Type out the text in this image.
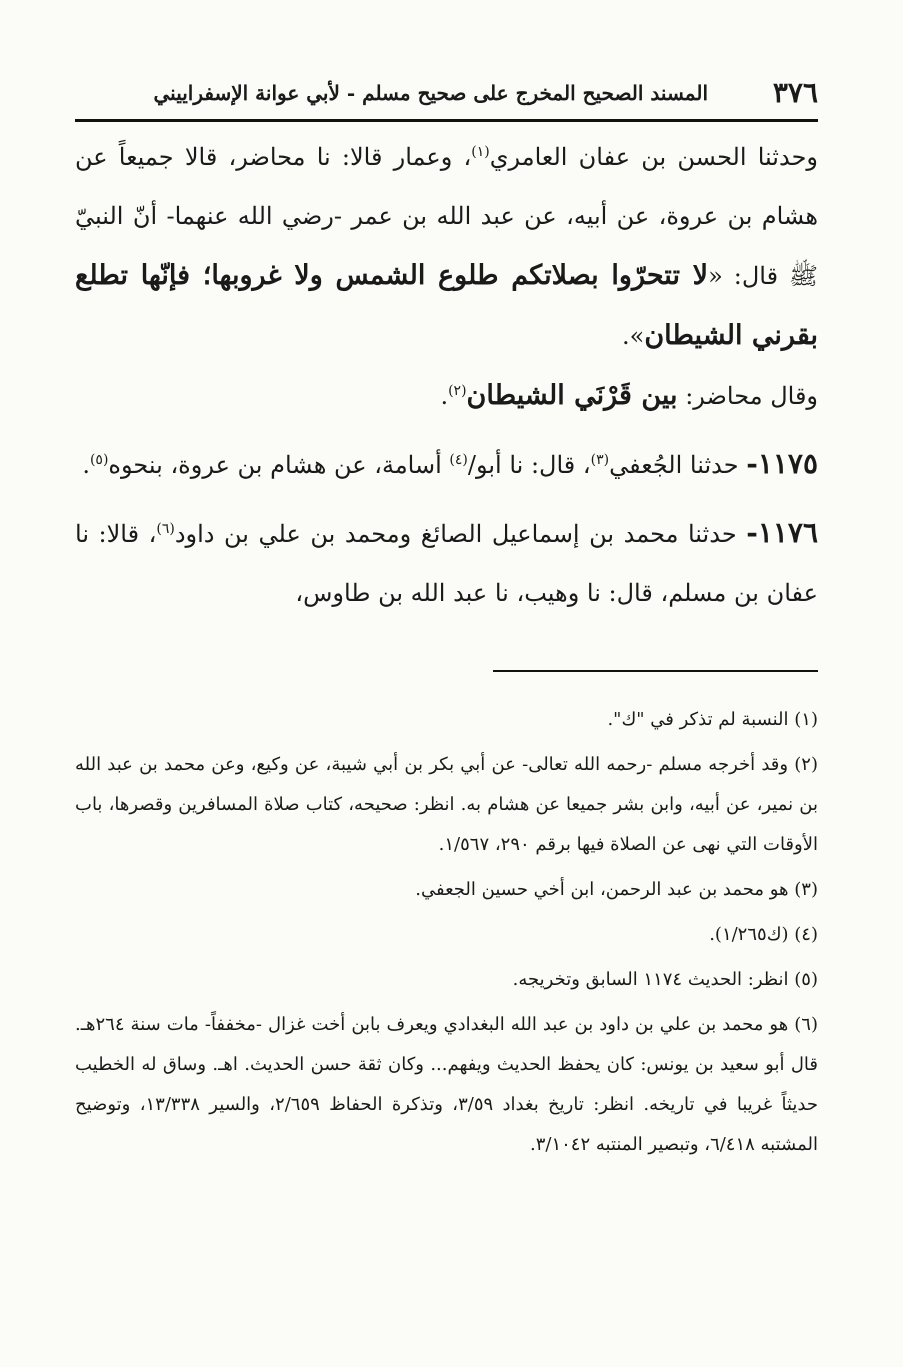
٣٧٦
المسند الصحيح المخرج على صحيح مسلم - لأبي عوانة الإسفراييني

وحدثنا الحسن بن عفان العامري$^{(١)}$، وعمار قالا: نا محاضر، قالا جميعاً عن هشام بن عروة، عن أبيه، عن عبد الله بن عمر -رضي الله عنهما- أنّ النبيّ ﷺ قال: «لا تتحرّوا بصلاتكم طلوع الشمس ولا غروبها؛ فإنّها تطلع بقرني الشيطان».

وقال محاضر: بين قَرْنَي الشيطان$^{(٢)}$.

١١٧٥- حدثنا الجُعفي$^{(٣)}$، قال: نا أبو/$^{(٤)}$ أسامة، عن هشام بن عروة، بنحوه$^{(٥)}$.

١١٧٦- حدثنا محمد بن إسماعيل الصائغ ومحمد بن علي بن داود$^{(٦)}$، قالا: نا عفان بن مسلم، قال: نا وهيب، نا عبد الله بن طاوس،

(١) النسبة لم تذكر في "ك".

(٢) وقد أخرجه مسلم -رحمه الله تعالى- عن أبي بكر بن أبي شيبة، عن وكيع، وعن محمد بن عبد الله بن نمير، عن أبيه، وابن بشر جميعا عن هشام به. انظر: صحيحه، كتاب صلاة المسافرين وقصرها، باب الأوقات التي نهى عن الصلاة فيها برقم ٢٩٠، ١/٥٦٧.

(٣) هو محمد بن عبد الرحمن، ابن أخي حسين الجعفي.

(٤) (ك١/٢٦٥).

(٥) انظر: الحديث ١١٧٤ السابق وتخريجه.

(٦) هو محمد بن علي بن داود بن عبد الله البغدادي ويعرف بابن أخت غزال -مخففاً- مات سنة ٢٦٤هـ. قال أبو سعيد بن يونس: كان يحفظ الحديث ويفهم... وكان ثقة حسن الحديث. اهـ. وساق له الخطيب حديثاً غريبا في تاريخه. انظر: تاريخ بغداد ٣/٥٩، وتذكرة الحفاظ ٢/٦٥٩، والسير ١٣/٣٣٨، وتوضيح المشتبه ٦/٤١٨، وتبصير المنتبه ٣/١٠٤٢.
